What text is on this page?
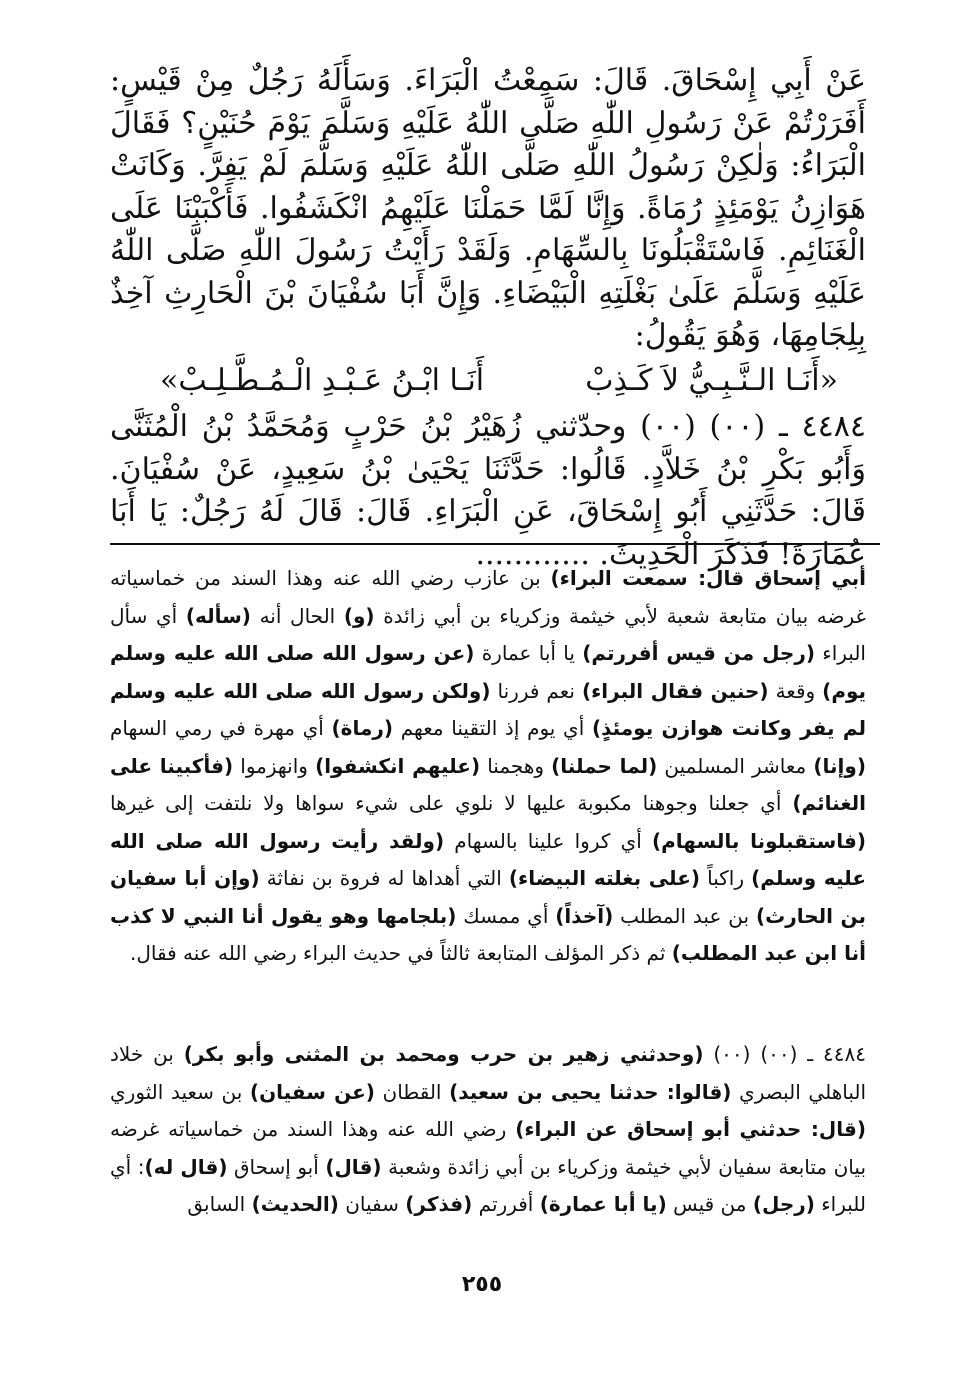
عَنْ أَبِي إِسْحَاقَ. قَالَ: سَمِعْتُ الْبَرَاءَ. وَسَأَلَهُ رَجُلٌ مِنْ قَيْسٍ: أَفَرَرْتُمْ عَنْ رَسُولِ اللّٰهِ صَلَّى اللّٰهُ عَلَيْهِ وَسَلَّمَ يَوْمَ حُنَيْنٍ؟ فَقَالَ الْبَرَاءُ: وَلٰكِنْ رَسُولُ اللّٰهِ صَلَّى اللّٰهُ عَلَيْهِ وَسَلَّمَ لَمْ يَفِرَّ. وَكَانَتْ هَوَازِنُ يَوْمَئِذٍ رُمَاةً. وَإِنَّا لَمَّا حَمَلْنَا عَلَيْهِمُ انْكَشَفُوا. فَأَكْبَبْنَا عَلَى الْغَنَائِمِ. فَاسْتَقْبَلُونَا بِالسِّهَامِ. وَلَقَدْ رَأَيْتُ رَسُولَ اللّٰهِ صَلَّى اللّٰهُ عَلَيْهِ وَسَلَّمَ عَلَىٰ بَغْلَتِهِ الْبَيْضَاءِ. وَإِنَّ أَبَا سُفْيَانَ بْنَ الْحَارِثِ آخِذٌ بِلِجَامِهَا، وَهُوَ يَقُولُ:

«أَنَـا الـنَّـبِـيُّ لاَ كَـذِبْ
أَنَـا ابْـنُ عَـبْـدِ الْـمُـطَّـلِـبْ»

٤٤٨٤ ـ (٠٠) (٠٠) وحدّثني زُهَيْرُ بْنُ حَرْبٍ وَمُحَمَّدُ بْنُ الْمُثَنَّى وَأَبُو بَكْرِ بْنُ خَلاَّدٍ. قَالُوا: حَدَّثَنَا يَحْيَىٰ بْنُ سَعِيدٍ، عَنْ سُفْيَانَ. قَالَ: حَدَّثَنِي أَبُو إِسْحَاقَ، عَنِ الْبَرَاءِ. قَالَ: قَالَ لَهُ رَجُلٌ: يَا أَبَا عُمَارَةَ! فَذَكَرَ الْحَدِيثَ. ............

أبي إسحاق قال: سمعت البراء) بن عازب رضي الله عنه وهذا السند من خماسياته غرضه بيان متابعة شعبة لأبي خيثمة وزكرياء بن أبي زائدة (و) الحال أنه (سأله) أي سأل البراء (رجل من قيس أفررتم) يا أبا عمارة (عن رسول الله صلى الله عليه وسلم يوم) وقعة (حنين فقال البراء) نعم فررنا (ولكن رسول الله صلى الله عليه وسلم لم يفر وكانت هوازن يومئذٍ) أي يوم إذ التقينا معهم (رماة) أي مهرة في رمي السهام (وإنا) معاشر المسلمين (لما حملنا) وهجمنا (عليهم انكشفوا) وانهزموا (فأكبينا على الغنائم) أي جعلنا وجوهنا مكبوبة عليها لا نلوي على شيء سواها ولا نلتفت إلى غيرها (فاستقبلونا بالسهام) أي كروا علينا بالسهام (ولقد رأيت رسول الله صلى الله عليه وسلم) راكباً (على بغلته البيضاء) التي أهداها له فروة بن نفاثة (وإن أبا سفيان بن الحارث) بن عبد المطلب (آخذاً) أي ممسك (بلجامها وهو يقول أنا النبي لا كذب أنا ابن عبد المطلب) ثم ذكر المؤلف المتابعة ثالثاً في حديث البراء رضي الله عنه فقال.

٤٤٨٤ ـ (٠٠) (٠٠) (وحدثني زهير بن حرب ومحمد بن المثنى وأبو بكر) بن خلاد الباهلي البصري (قالوا: حدثنا يحيى بن سعيد) القطان (عن سفيان) بن سعيد الثوري (قال: حدثني أبو إسحاق عن البراء) رضي الله عنه وهذا السند من خماسياته غرضه بيان متابعة سفيان لأبي خيثمة وزكرياء بن أبي زائدة وشعبة (قال) أبو إسحاق (قال له): أي للبراء (رجل) من قيس (يا أبا عمارة) أفررتم (فذكر) سفيان (الحديث) السابق

٢٥٥
